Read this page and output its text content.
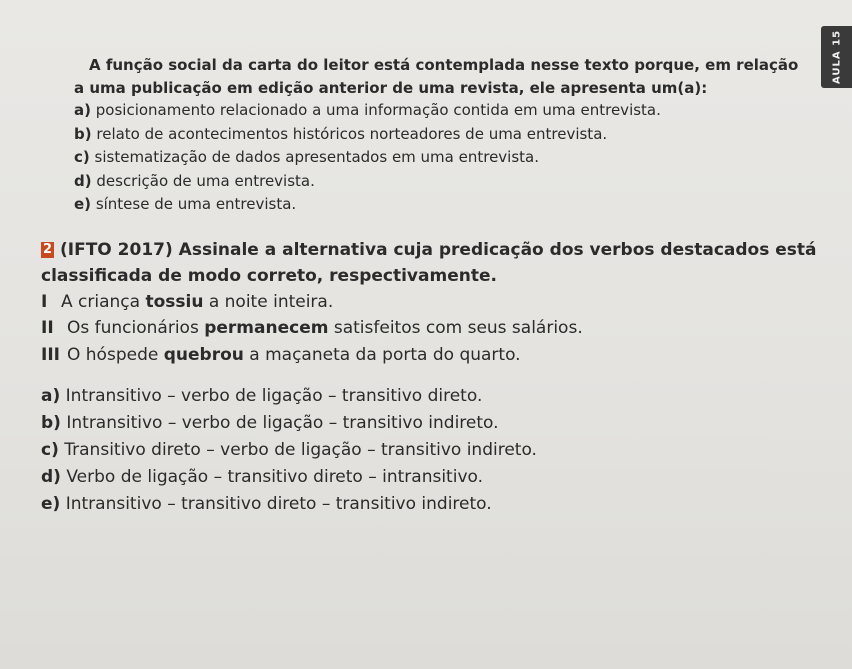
AULA 15
A função social da carta do leitor está contemplada nesse texto porque, em relação
a uma publicação em edição anterior de uma revista, ele apresenta um(a):
a) posicionamento relacionado a uma informação contida em uma entrevista.
b) relato de acontecimentos históricos norteadores de uma entrevista.
c) sistematização de dados apresentados em uma entrevista.
d) descrição de uma entrevista.
e) síntese de uma entrevista.
2 (IFTO 2017) Assinale a alternativa cuja predicação dos verbos destacados está
classificada de modo correto, respectivamente.
I A criança tossiu a noite inteira.
II Os funcionários permanecem satisfeitos com seus salários.
III O hóspede quebrou a maçaneta da porta do quarto.
a) Intransitivo – verbo de ligação – transitivo direto.
b) Intransitivo – verbo de ligação – transitivo indireto.
c) Transitivo direto – verbo de ligação – transitivo indireto.
d) Verbo de ligação – transitivo direto – intransitivo.
e) Intransitivo – transitivo direto – transitivo indireto.
